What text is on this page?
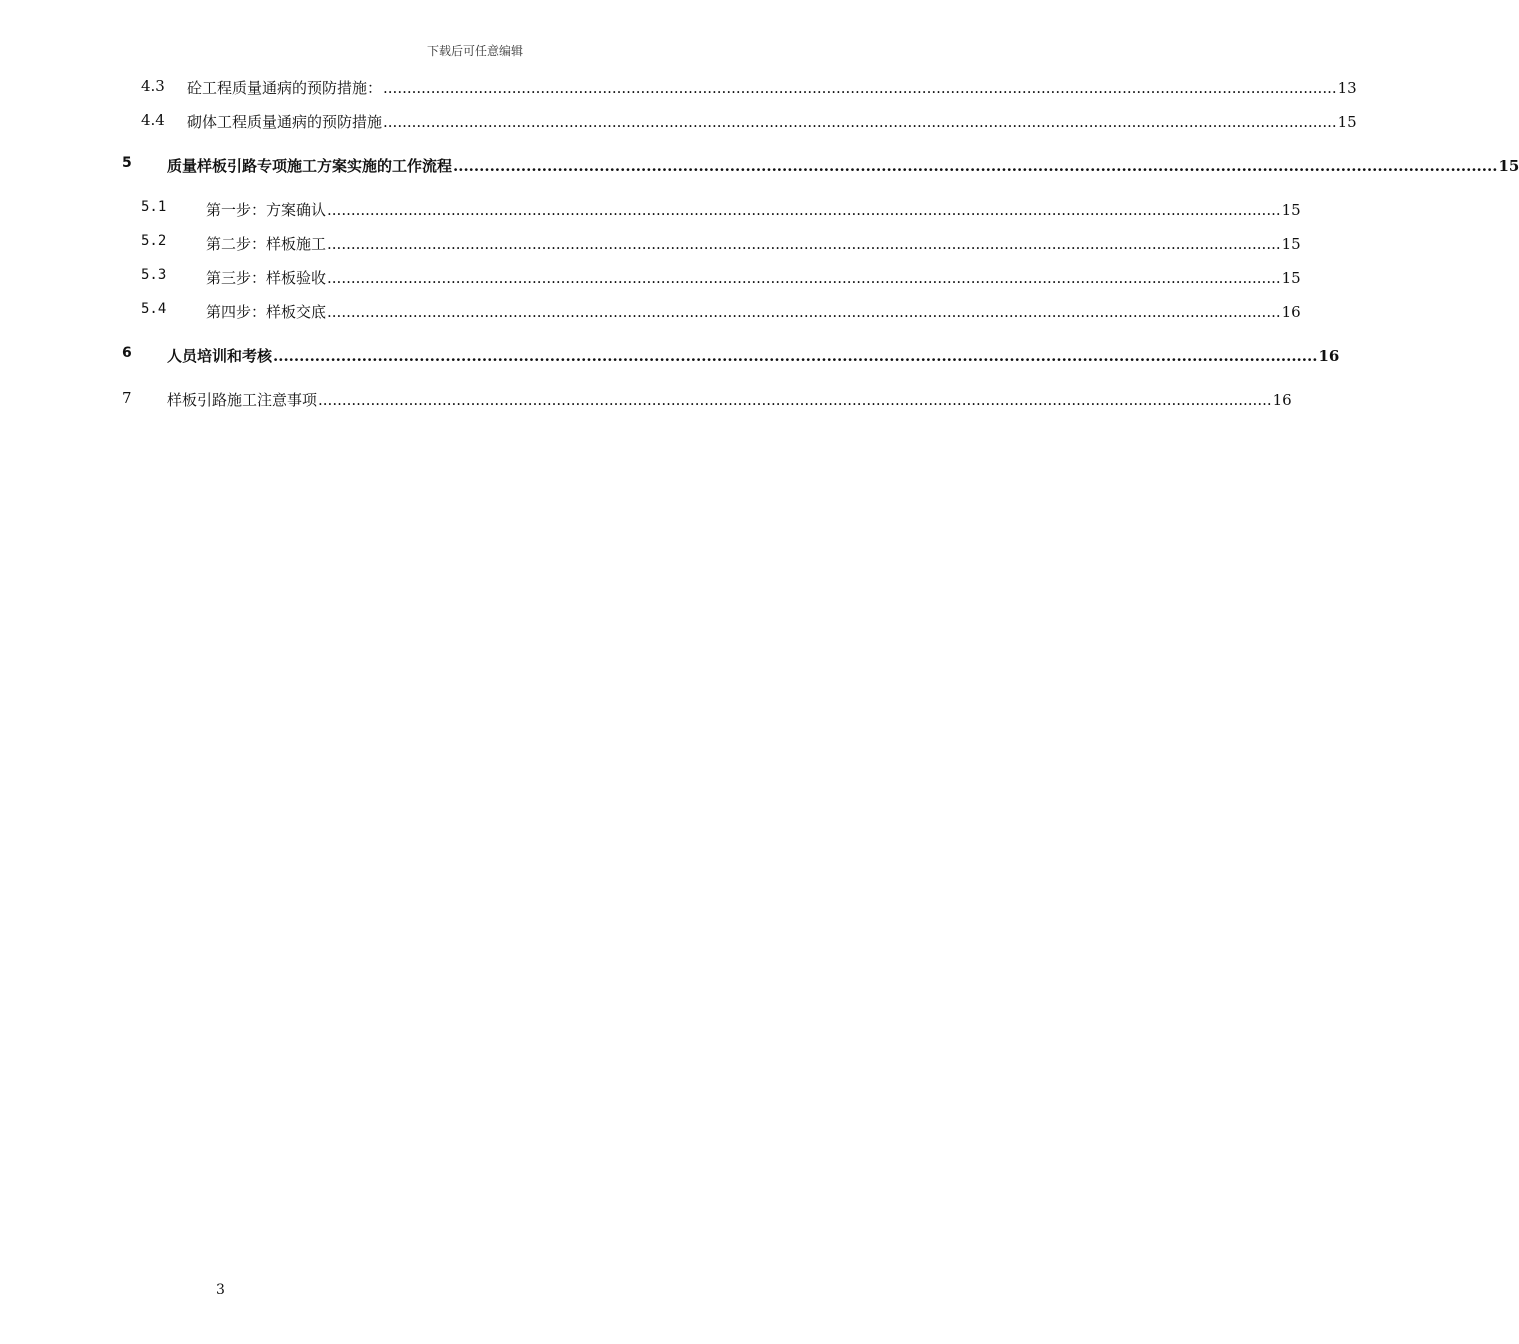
下载后可任意编辑
4.3 砼工程质量通病的预防措施： ........................................................................................................................................................................................................ 13
4.4 砌体工程质量通病的预防措施 ........................................................................................................................................................................................................ 15
5 质量样板引路专项施工方案实施的工作流程 ........................................................................................................................................................................................................ 15
5.1	第一步：方案确认 ........................................................................................................................................................................................................ 15
5.2	第二步：样板施工 ........................................................................................................................................................................................................ 15
5.3	第三步：样板验收 ........................................................................................................................................................................................................ 15
5.4	第四步：样板交底 ........................................................................................................................................................................................................ 16
6 人员培训和考核 ........................................................................................................................................................................................................ 16
7 样板引路施工注意事项 ........................................................................................................................................................................................................ 16
3
